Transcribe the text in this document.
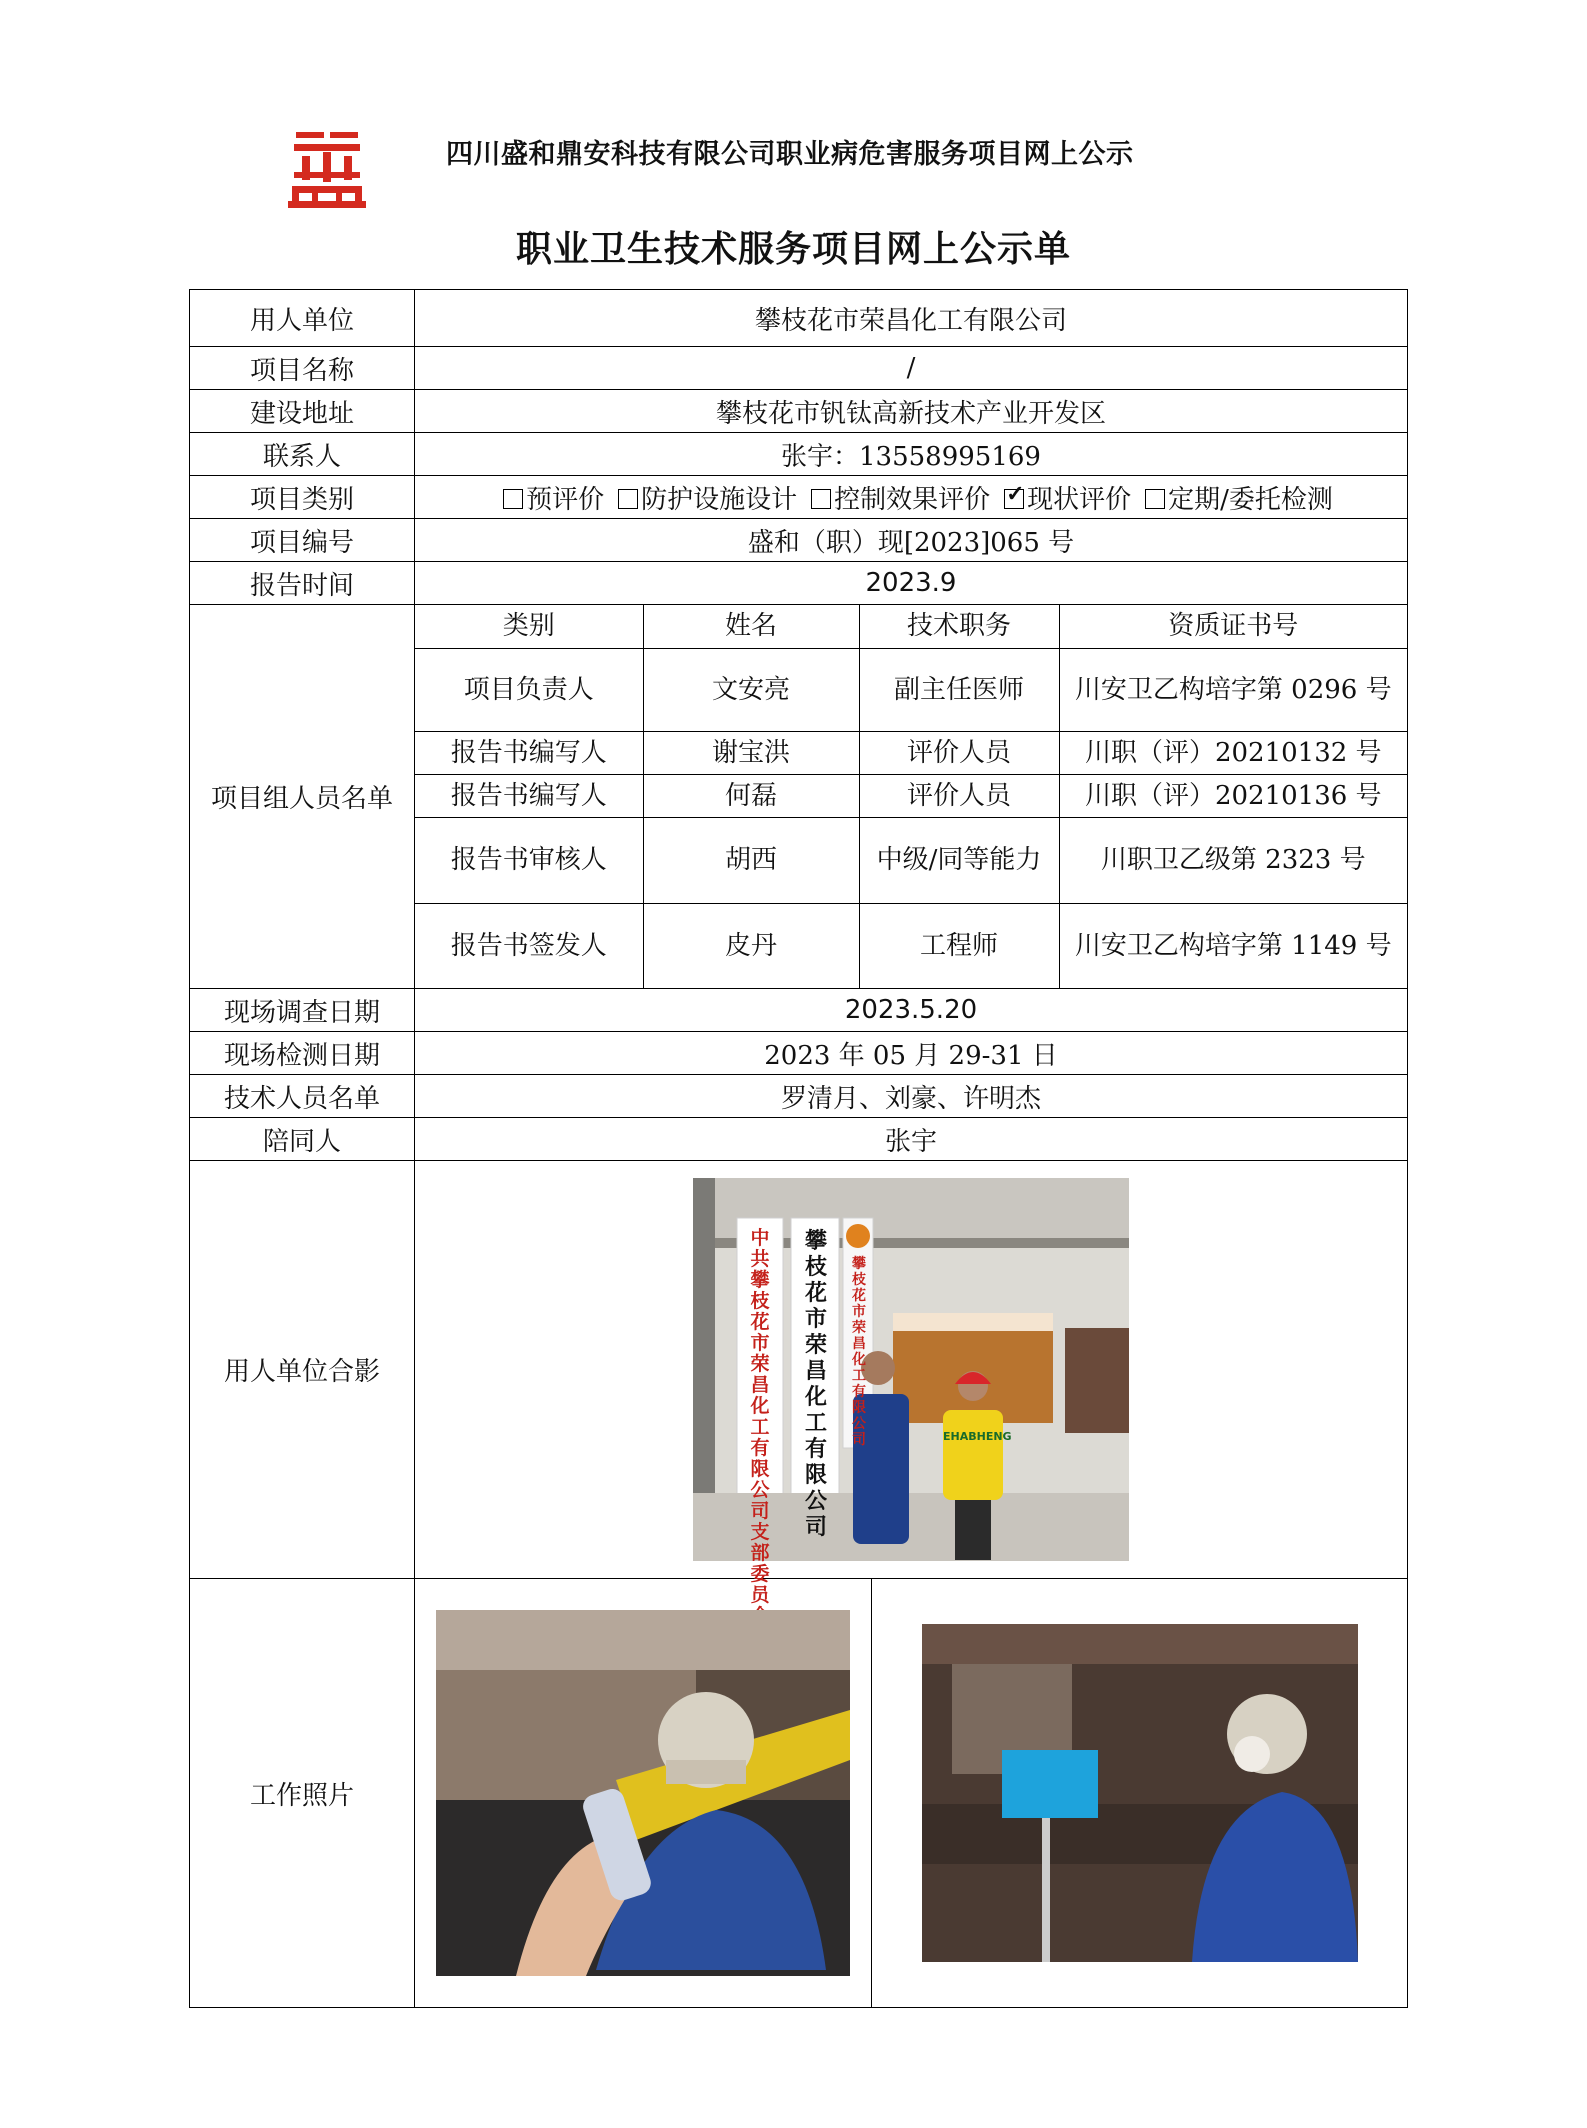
四川盛和鼎安科技有限公司职业病危害服务项目网上公示
职业卫生技术服务项目网上公示单
用人单位	攀枝花市荣昌化工有限公司
项目名称	/
建设地址	攀枝花市钒钛高新技术产业开发区
联系人	张宇：13558995169
项目类别	预评价 防护设施设计 控制效果评价✓ 现状评价 定期/委托检测
项目编号	盛和（职）现[2023]065 号
报告时间	2023.9
项目组人员名单	
类别	姓名	技术职务	资质证书号
项目负责人	文安亮	副主任医师	川安卫乙构培字第 0296 号
报告书编写人	谢宝洪	评价人员	川职（评）20210132 号
报告书编写人	何磊	评价人员	川职（评）20210136 号
报告书审核人	胡西	中级/同等能力	川职卫乙级第 2323 号
报告书签发人	皮丹	工程师	川安卫乙构培字第 1149 号

现场调查日期	2023.5.20
现场检测日期	2023 年 05 月 29-31 日
技术人员名单	罗清月、刘豪、许明杰
陪同人	张宇
用人单位合影	
中共攀枝花市荣昌化工有限公司支部委员
攀枝花市荣昌化工有限公司
攀枝花市荣昌化工有限公司	EHABHENG

工作照片	
